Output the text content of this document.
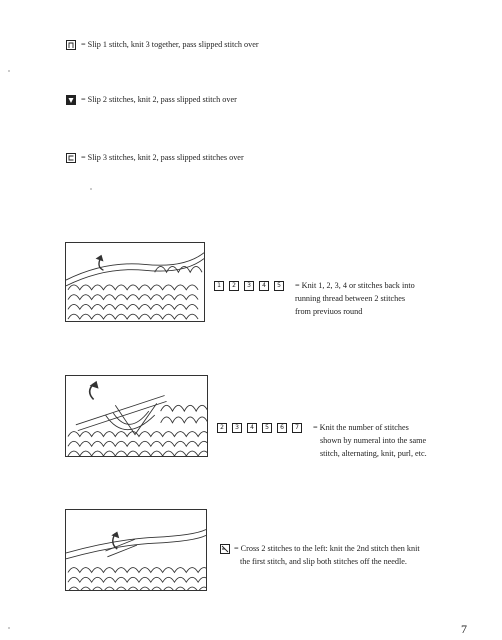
= Slip 1 stitch, knit 3 together, pass slipped stitch over
= Slip 2 stitches, knit 2, pass slipped stitch over
= Slip 3 stitches, knit 2, pass slipped stitches over
1	2	3	4	5 = Knit 1, 2, 3, 4 or stitches back into
running thread between 2 stitches
from previuos round
2	3	4	5	6	7 = Knit the number of stitches
shown by numeral into the same
stitch, alternating, knit, purl, etc.
= Cross 2 stitches to the left: knit the 2nd stitch then knit
the first stitch, and slip both stitches off the needle.
7
